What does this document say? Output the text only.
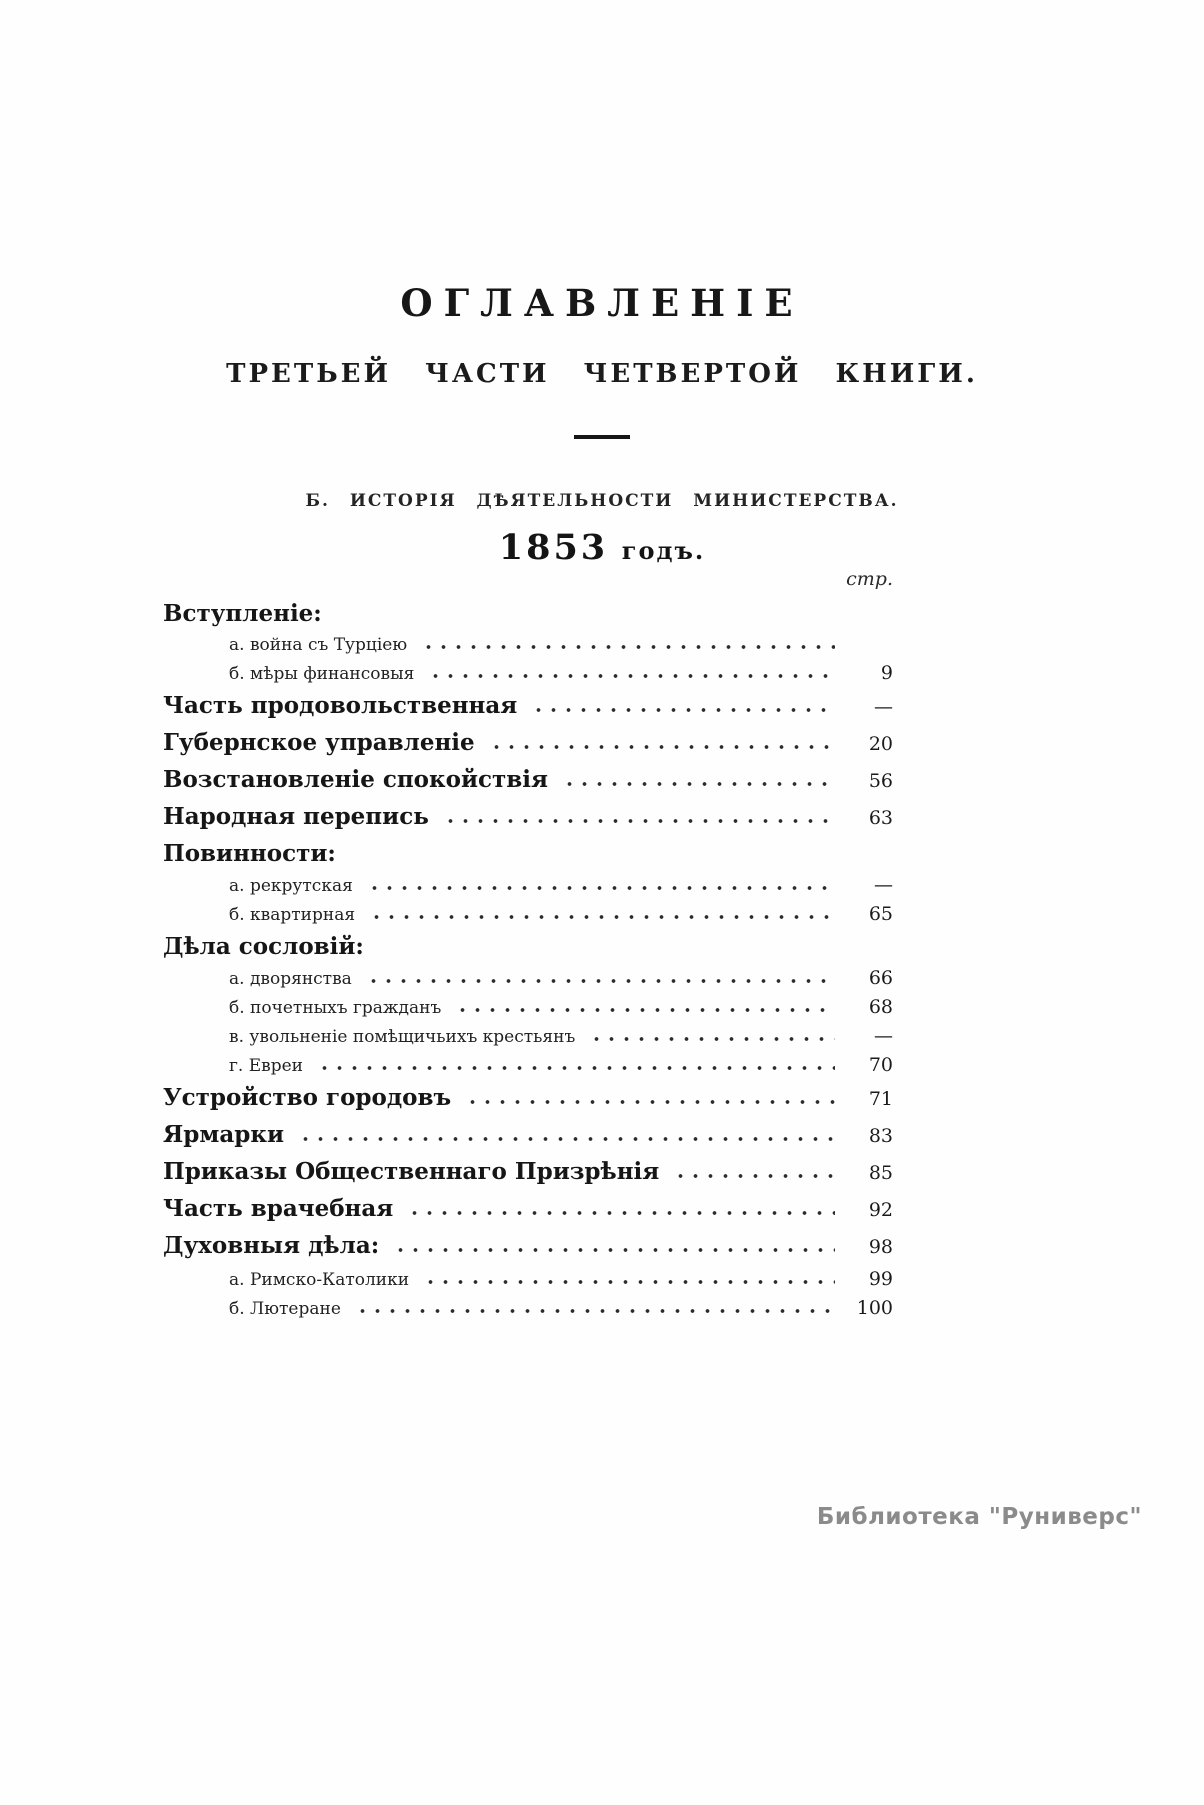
ОГЛАВЛЕНІЕ
ТРЕТЬЕЙ ЧАСТИ ЧЕТВЕРТОЙ КНИГИ.
Б. ИСТОРІЯ ДѢЯТЕЛЬНОСТИ МИНИСТЕРСТВА.
1853 годъ.
стр.
Вступленіе:
а. война съ Турціею
б. мѣры финансовыя	9
Часть продовольственная	—
Губернское управленіе	20
Возстановленіе спокойствія	56
Народная перепись	63
Повинности:
а. рекрутская	—
б. квартирная	65
Дѣла сословій:
а. дворянства	66
б. почетныхъ гражданъ	68
в. увольненіе помѣщичьихъ крестьянъ	—
г. Евреи	70
Устройство городовъ	71
Ярмарки	83
Приказы Общественнаго Призрѣнія	85
Часть врачебная	92
Духовныя дѣла:	98
а. Римско-Католики	99
б. Лютеране	100
Библиотека "Руниверс"
